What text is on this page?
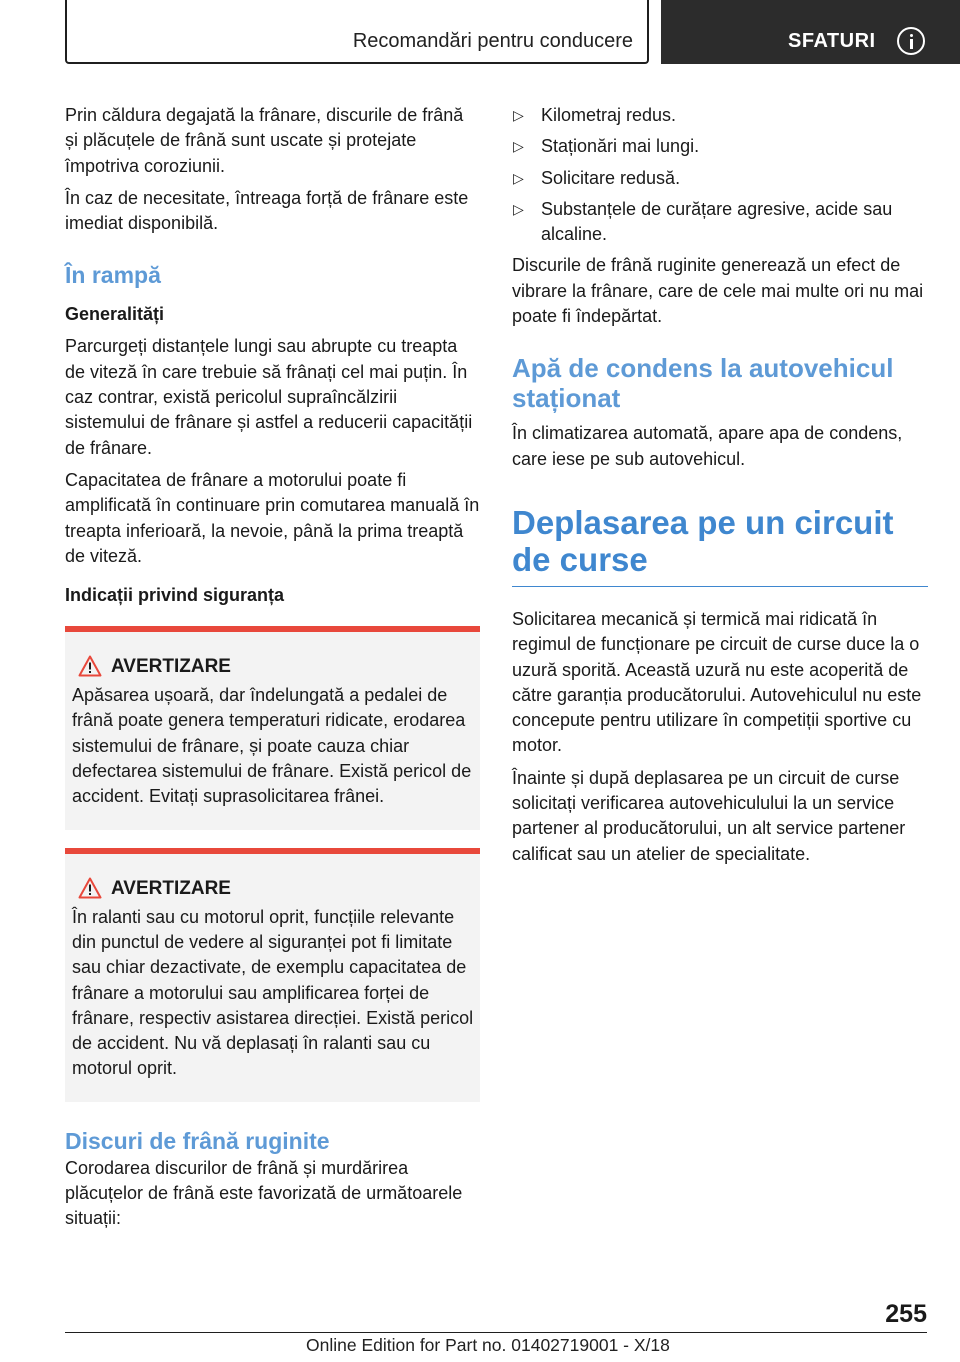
Recomandări pentru conducere	SFATURI

Prin căldura degajată la frânare, discurile de frână și plăcuțele de frână sunt uscate și protejate împotriva coroziunii.

În caz de necesitate, întreaga forță de frânare este imediat disponibilă.

În rampă
Generalități

Parcurgeți distanțele lungi sau abrupte cu treapta de viteză în care trebuie să frânați cel mai puțin. În caz contrar, există pericolul supraîncălzirii sistemului de frânare și astfel a reducerii capacității de frânare.

Capacitatea de frânare a motorului poate fi amplificată în continuare prin comutarea manuală în treapta inferioară, la nevoie, până la prima treaptă de viteză.

Indicații privind siguranța
AVERTIZARE

Apăsarea ușoară, dar îndelungată a pedalei de frână poate genera temperaturi ridicate, erodarea sistemului de frânare, și poate cauza chiar defectarea sistemului de frânare. Există pericol de accident. Evitați suprasolicitarea frânei.

AVERTIZARE

În ralanti sau cu motorul oprit, funcțiile relevante din punctul de vedere al siguranței pot fi limitate sau chiar dezactivate, de exemplu capacitatea de frânare a motorului sau amplificarea forței de frânare, respectiv asistarea direcției. Există pericol de accident. Nu vă deplasați în ralanti sau cu motorul oprit.

Discuri de frână ruginite

Corodarea discurilor de frână și murdărirea plăcuțelor de frână este favorizată de următoarele situații:

▷ Kilometraj redus.
▷ Staționări mai lungi.
▷ Solicitare redusă.
▷ Substanțele de curățare agresive, acide sau alcaline.

Discurile de frână ruginite generează un efect de vibrare la frânare, care de cele mai multe ori nu mai poate fi îndepărtat.

Apă de condens la autovehicul staționat

În climatizarea automată, apare apa de condens, care iese pe sub autovehicul.

Deplasarea pe un circuit de curse

Solicitarea mecanică și termică mai ridicată în regimul de funcționare pe circuit de curse duce la o uzură sporită. Această uzură nu este acoperită de către garanția producătorului. Autovehiculul nu este concepute pentru utilizare în competiții sportive cu motor.

Înainte și după deplasarea pe un circuit de curse solicitați verificarea autovehiculului la un service partener al producătorului, un alt service partener calificat sau un atelier de specialitate.

255
Online Edition for Part no. 01402719001 - X/18
